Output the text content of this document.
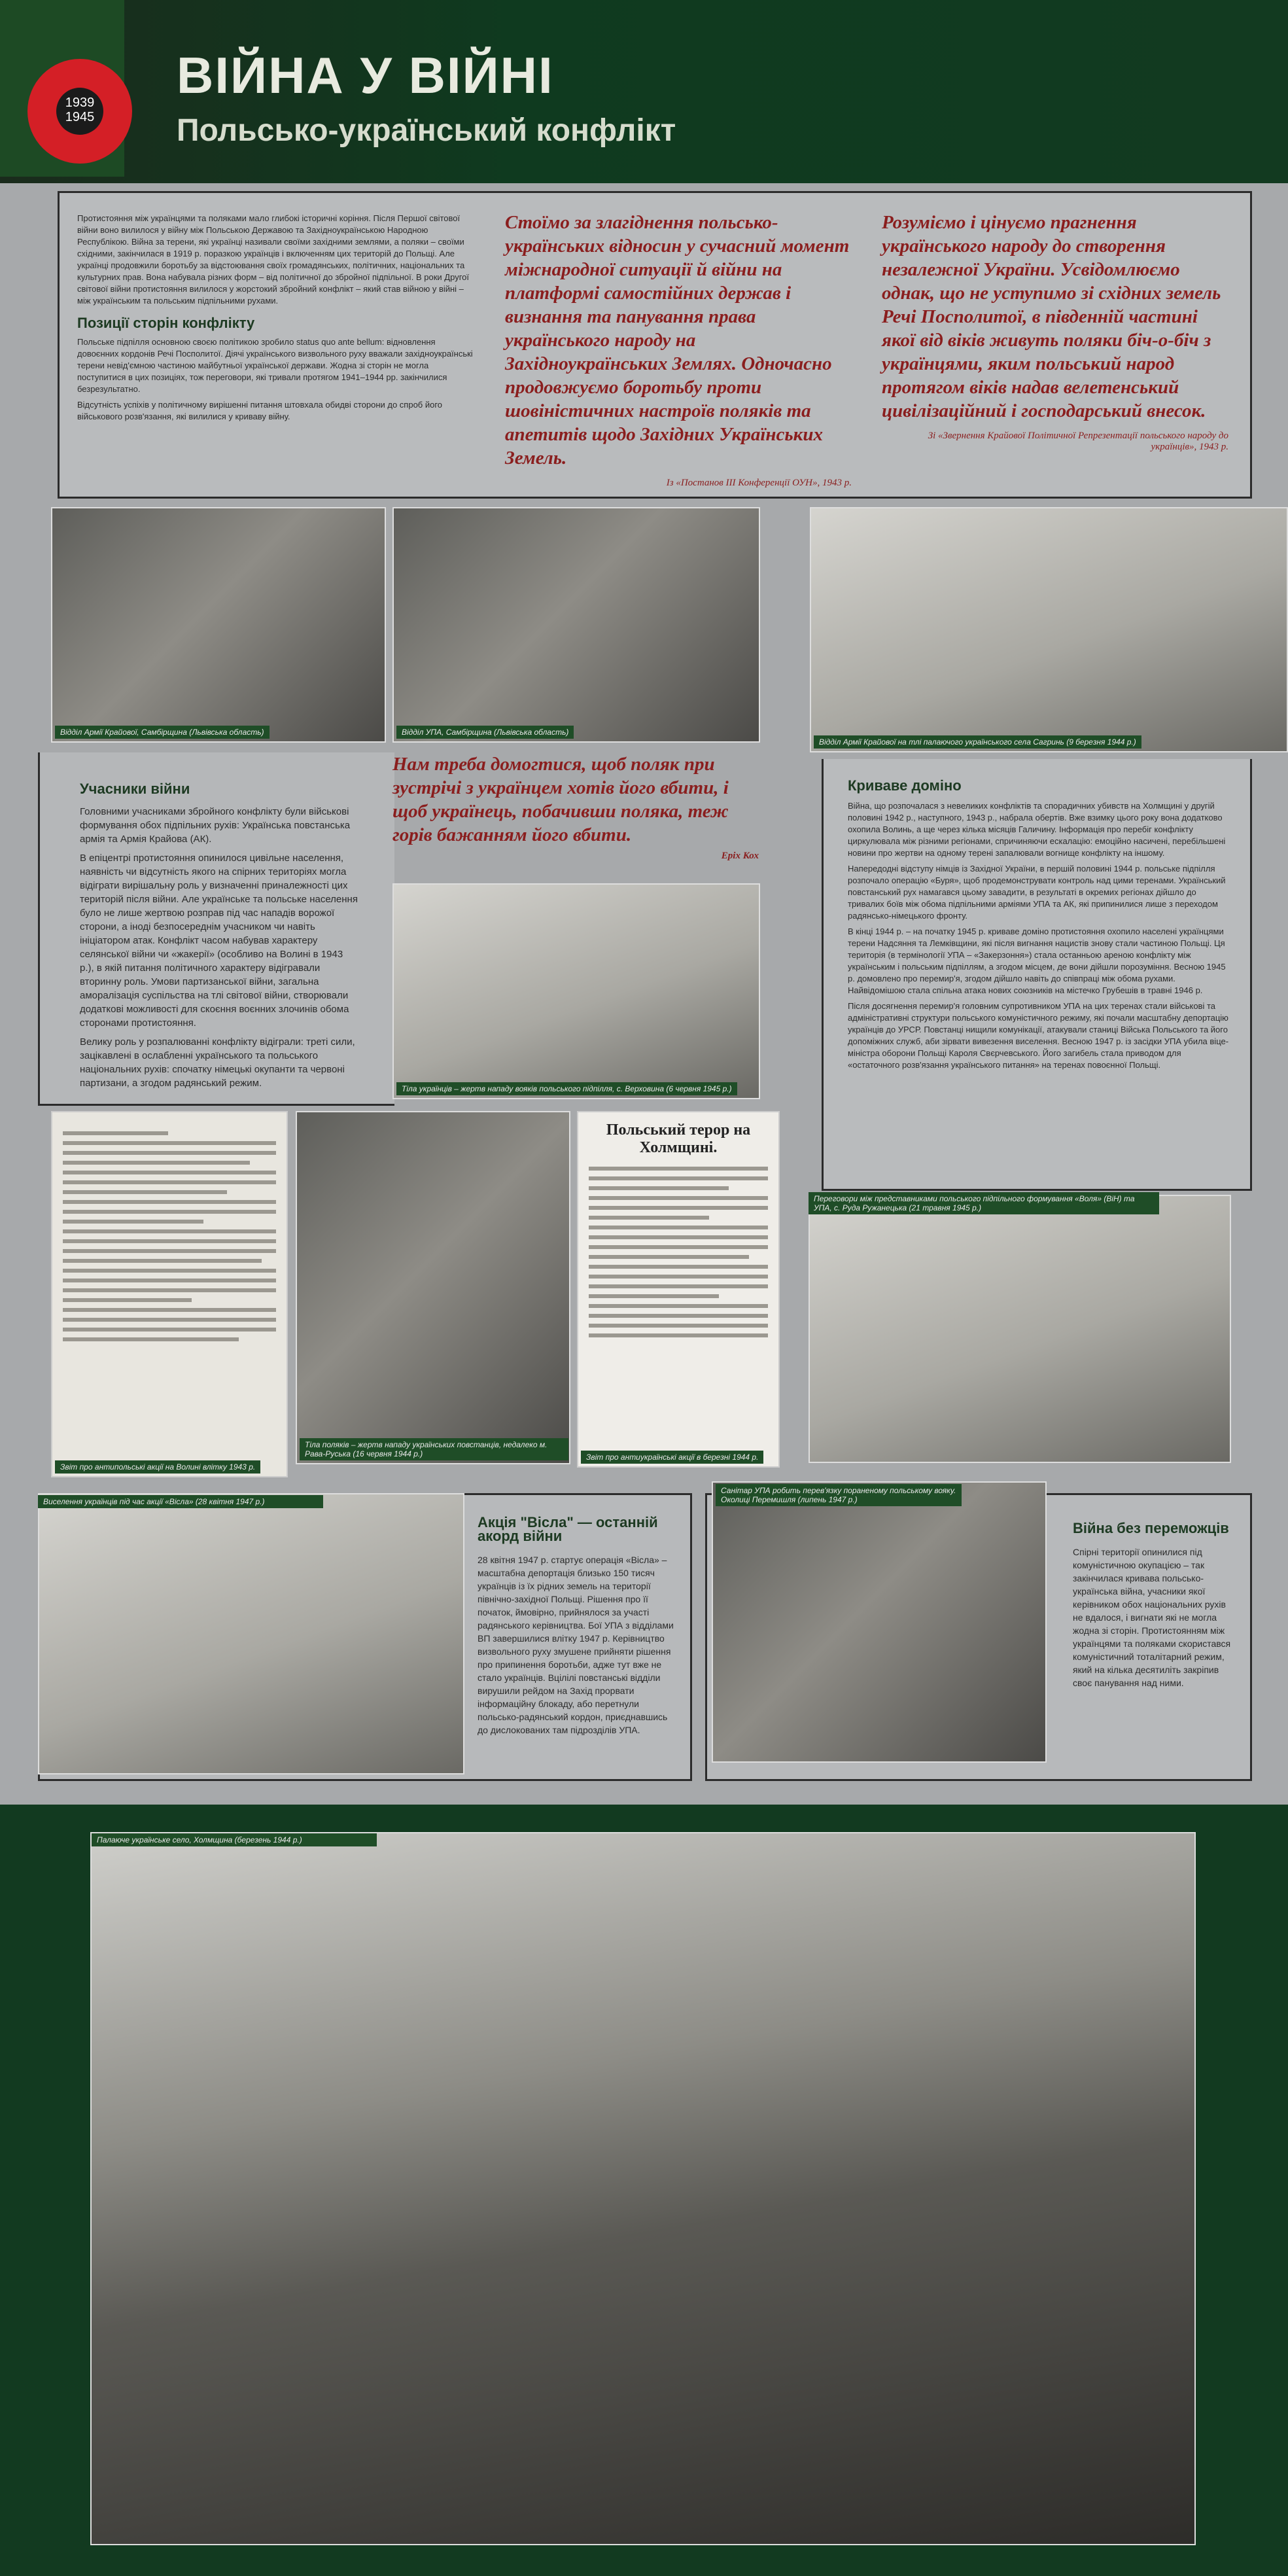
1939
1945
ВІЙНА У ВІЙНІ
Польсько-український конфлікт
Протистояння між українцями та поляками мало глибокі історичні коріння. Після Першої світової війни воно вилилося у війну між Польською Державою та Західноукраїнською Народною Республікою. Війна за терени, які українці називали своїми західними землями, а поляки – своїми східними, закінчилася в 1919 р. поразкою українців і включенням цих територій до Польщі. Але українці продовжили боротьбу за відстоювання своїх громадянських, політичних, національних та культурних прав. Вона набувала різних форм – від політичної до збройної підпільної. В роки Другої світової війни протистояння вилилося у жорстокий збройний конфлікт – який став війною у війні – між українським та польським підпільними рухами.
Позиції сторін конфлікту
Польське підпілля основною своєю політикою зробило status quo ante bellum: відновлення довоєнних кордонів Речі Посполитої. Діячі українського визвольного руху вважали західноукраїнські терени невід'ємною частиною майбутньої української держави. Жодна зі сторін не могла поступитися в цих позиціях, тож переговори, які тривали протягом 1941–1944 рр. закінчилися безрезультатно.
Відсутність успіхів у політичному вирішенні питання штовхала обидві сторони до спроб його військового розв'язання, які вилилися у криваву війну.
Стоїмо за злагіднення польсько-українських відносин у сучасний момент міжнародної ситуації й війни на платформі самостійних держав і визнання та панування права українського народу на Західноукраїнських Землях. Одночасно продовжуємо боротьбу проти шовіністичних настроїв поляків та апетитів щодо Західних Українських Земель.
Із «Постанов III Конференції ОУН», 1943 р.
Розуміємо і цінуємо прагнення українського народу до створення незалежної України. Усвідомлюємо однак, що не уступимо зі східних земель Речі Посполитої, в південній частині якої від віків живуть поляки біч-о-біч з українцями, яким польський народ протягом віків надав велетенський цивілізаційний і господарський внесок.
Зі «Звернення Крайової Політичної Репрезентації польського народу до українців», 1943 р.
Відділ Армії Крайової, Самбірщина (Львівська область)	Відділ УПА, Самбірщина (Львівська область)
Відділ Армії Крайової на тлі палаючого українського села Сагринь (9 березня 1944 р.)
Учасники війни
Головними учасниками збройного конфлікту були військові формування обох підпільних рухів: Українська повстанська армія та Армія Крайова (АК).
В епіцентрі протистояння опинилося цивільне населення, наявність чи відсутність якого на спірних територіях могла відіграти вирішальну роль у визначенні приналежності цих територій після війни. Але українське та польське населення було не лише жертвою розправ під час нападів ворожої сторони, а іноді безпосереднім учасником чи навіть ініціатором атак. Конфлікт часом набував характеру селянської війни чи «жакерії» (особливо на Волині в 1943 р.), в якій питання політичного характеру відігравали вторинну роль. Умови партизанської війни, загальна аморалізація суспільства на тлі світової війни, створювали додаткові можливості для скоєння воєнних злочинів обома сторонами протистояння.
Велику роль у розпалюванні конфлікту відіграли: треті сили, зацікавлені в ослабленні українського та польського національних рухів: спочатку німецькі окупанти та червоні партизани, а згодом радянський режим.
Нам треба домогтися, щоб поляк при зустрічі з українцем хотів його вбити, і щоб українець, побачивши поляка, теж горів бажанням його вбити.
Еріх Кох
Тіла українців – жертв нападу вояків польського підпілля, с. Верховина (6 червня 1945 р.)
Криваве доміно
Війна, що розпочалася з невеликих конфліктів та спорадичних убивств на Холмщині у другій половині 1942 р., наступного, 1943 р., набрала обертів. Вже взимку цього року вона додатково охопила Волинь, а ще через кілька місяців Галичину. Інформація про перебіг конфлікту циркулювала між різними регіонами, спричиняючи ескалацію: емоційно насичені, перебільшені новини про жертви на одному терені запалювали вогнище конфлікту на іншому.
Напередодні відступу німців із Західної України, в першій половині 1944 р. польське підпілля розпочало операцію «Буря», щоб продемонструвати контроль над цими теренами. Український повстанський рух намагався цьому завадити, в результаті в окремих регіонах дійшло до тривалих боїв між обома підпільними арміями УПА та АК, які припинилися лише з переходом радянсько-німецького фронту.
В кінці 1944 р. – на початку 1945 р. криваве доміно протистояння охопило населені українцями терени Надсяння та Лемківщини, які після вигнання нацистів знову стали частиною Польщі. Ця територія (в термінології УПА – «Закерзоння») стала останньою ареною конфлікту між українським і польським підпіллям, а згодом місцем, де вони дійшли порозуміння. Весною 1945 р. домовлено про перемир'я, згодом дійшло навіть до співпраці між обома рухами. Найвідомішою стала спільна атака нових союзників на містечко Грубешів в травні 1946 р.
Після досягнення перемир'я головним супротивником УПА на цих теренах стали військові та адміністративні структури польського комуністичного режиму, які почали масштабну депортацію українців до УРСР. Повстанці нищили комунікації, атакували станиці Війська Польського та його допоміжних служб, аби зірвати вивезення виселення. Весною 1947 р. із засідки УПА убила віце-міністра оборони Польщі Кароля Свєрчевського. Його загибель стала приводом для «остаточного розв'язання українського питання» на теренах повоєнної Польщі.
Звіт про антипольські акції на Волині влітку 1943 р.
Тіла поляків – жертв нападу українських повстанців, недалеко м. Рава-Руська (16 червня 1944 р.)
Польський терор на Холмщині.
Звіт про антиукраїнські акції в березні 1944 р.
Переговори між представниками польського підпільного формування «Воля» (ВіН) та УПА, с. Руда Ружанецька (21 травня 1945 р.)
Виселення українців під час акції «Вісла» (28 квітня 1947 р.)
Акція "Вісла" — останній акорд війни
28 квітня 1947 р. стартує операція «Вісла» – масштабна депортація близько 150 тисяч українців із їх рідних земель на території північно-західної Польщі. Рішення про її початок, ймовірно, прийнялося за участі радянського керівництва. Бої УПА з відділами ВП завершилися влітку 1947 р. Керівництво визвольного руху змушене прийняти рішення про припинення боротьби, адже тут вже не стало українців. Вцілілі повстанські відділи вирушили рейдом на Захід прорвати інформаційну блокаду, або перетнули польсько-радянський кордон, приєднавшись до дислокованих там підрозділів УПА.
Санітар УПА робить перев'язку пораненому польському вояку. Околиці Перемишля (липень 1947 р.)
Війна без переможців
Спірні території опинилися під комуністичною окупацією – так закінчилася кривава польсько-українська війна, учасники якої керівником обох національних рухів не вдалося, і вигнати які не могла жодна зі сторін. Протистоянням між українцями та поляками скористався комуністичний тоталітарний режим, який на кілька десятиліть закріпив своє панування над ними.
Палаюче українське село, Холмщина (березень 1944 р.)
